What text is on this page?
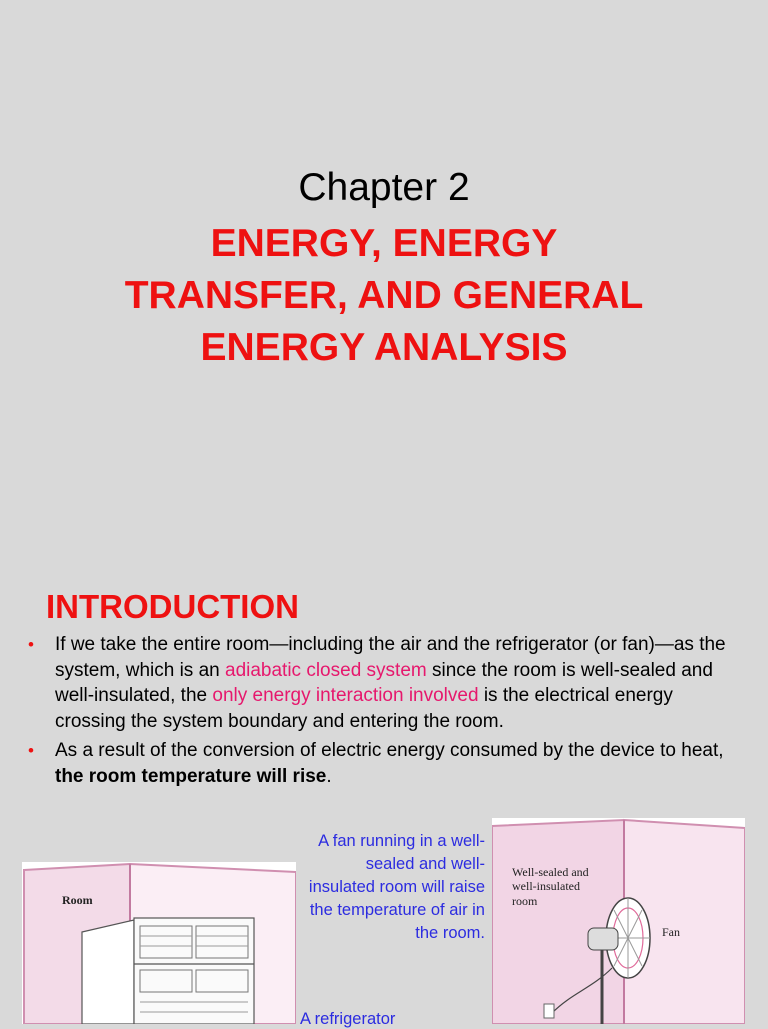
Chapter 2
ENERGY, ENERGY
TRANSFER, AND GENERAL
ENERGY ANALYSIS
INTRODUCTION
• If we take the entire room—including the air and the refrigerator (or fan)—as the system, which is an adiabatic closed system since the room is well-sealed and well-insulated, the only energy interaction involved is the electrical energy crossing the system boundary and entering the room.
• As a result of the conversion of electric energy consumed by the device to heat, the room temperature will rise.
A fan running in a well-sealed and well-insulated room will raise the temperature of air in the room.
A refrigerator
Room
Well-sealed and
well-insulated
room
Fan
